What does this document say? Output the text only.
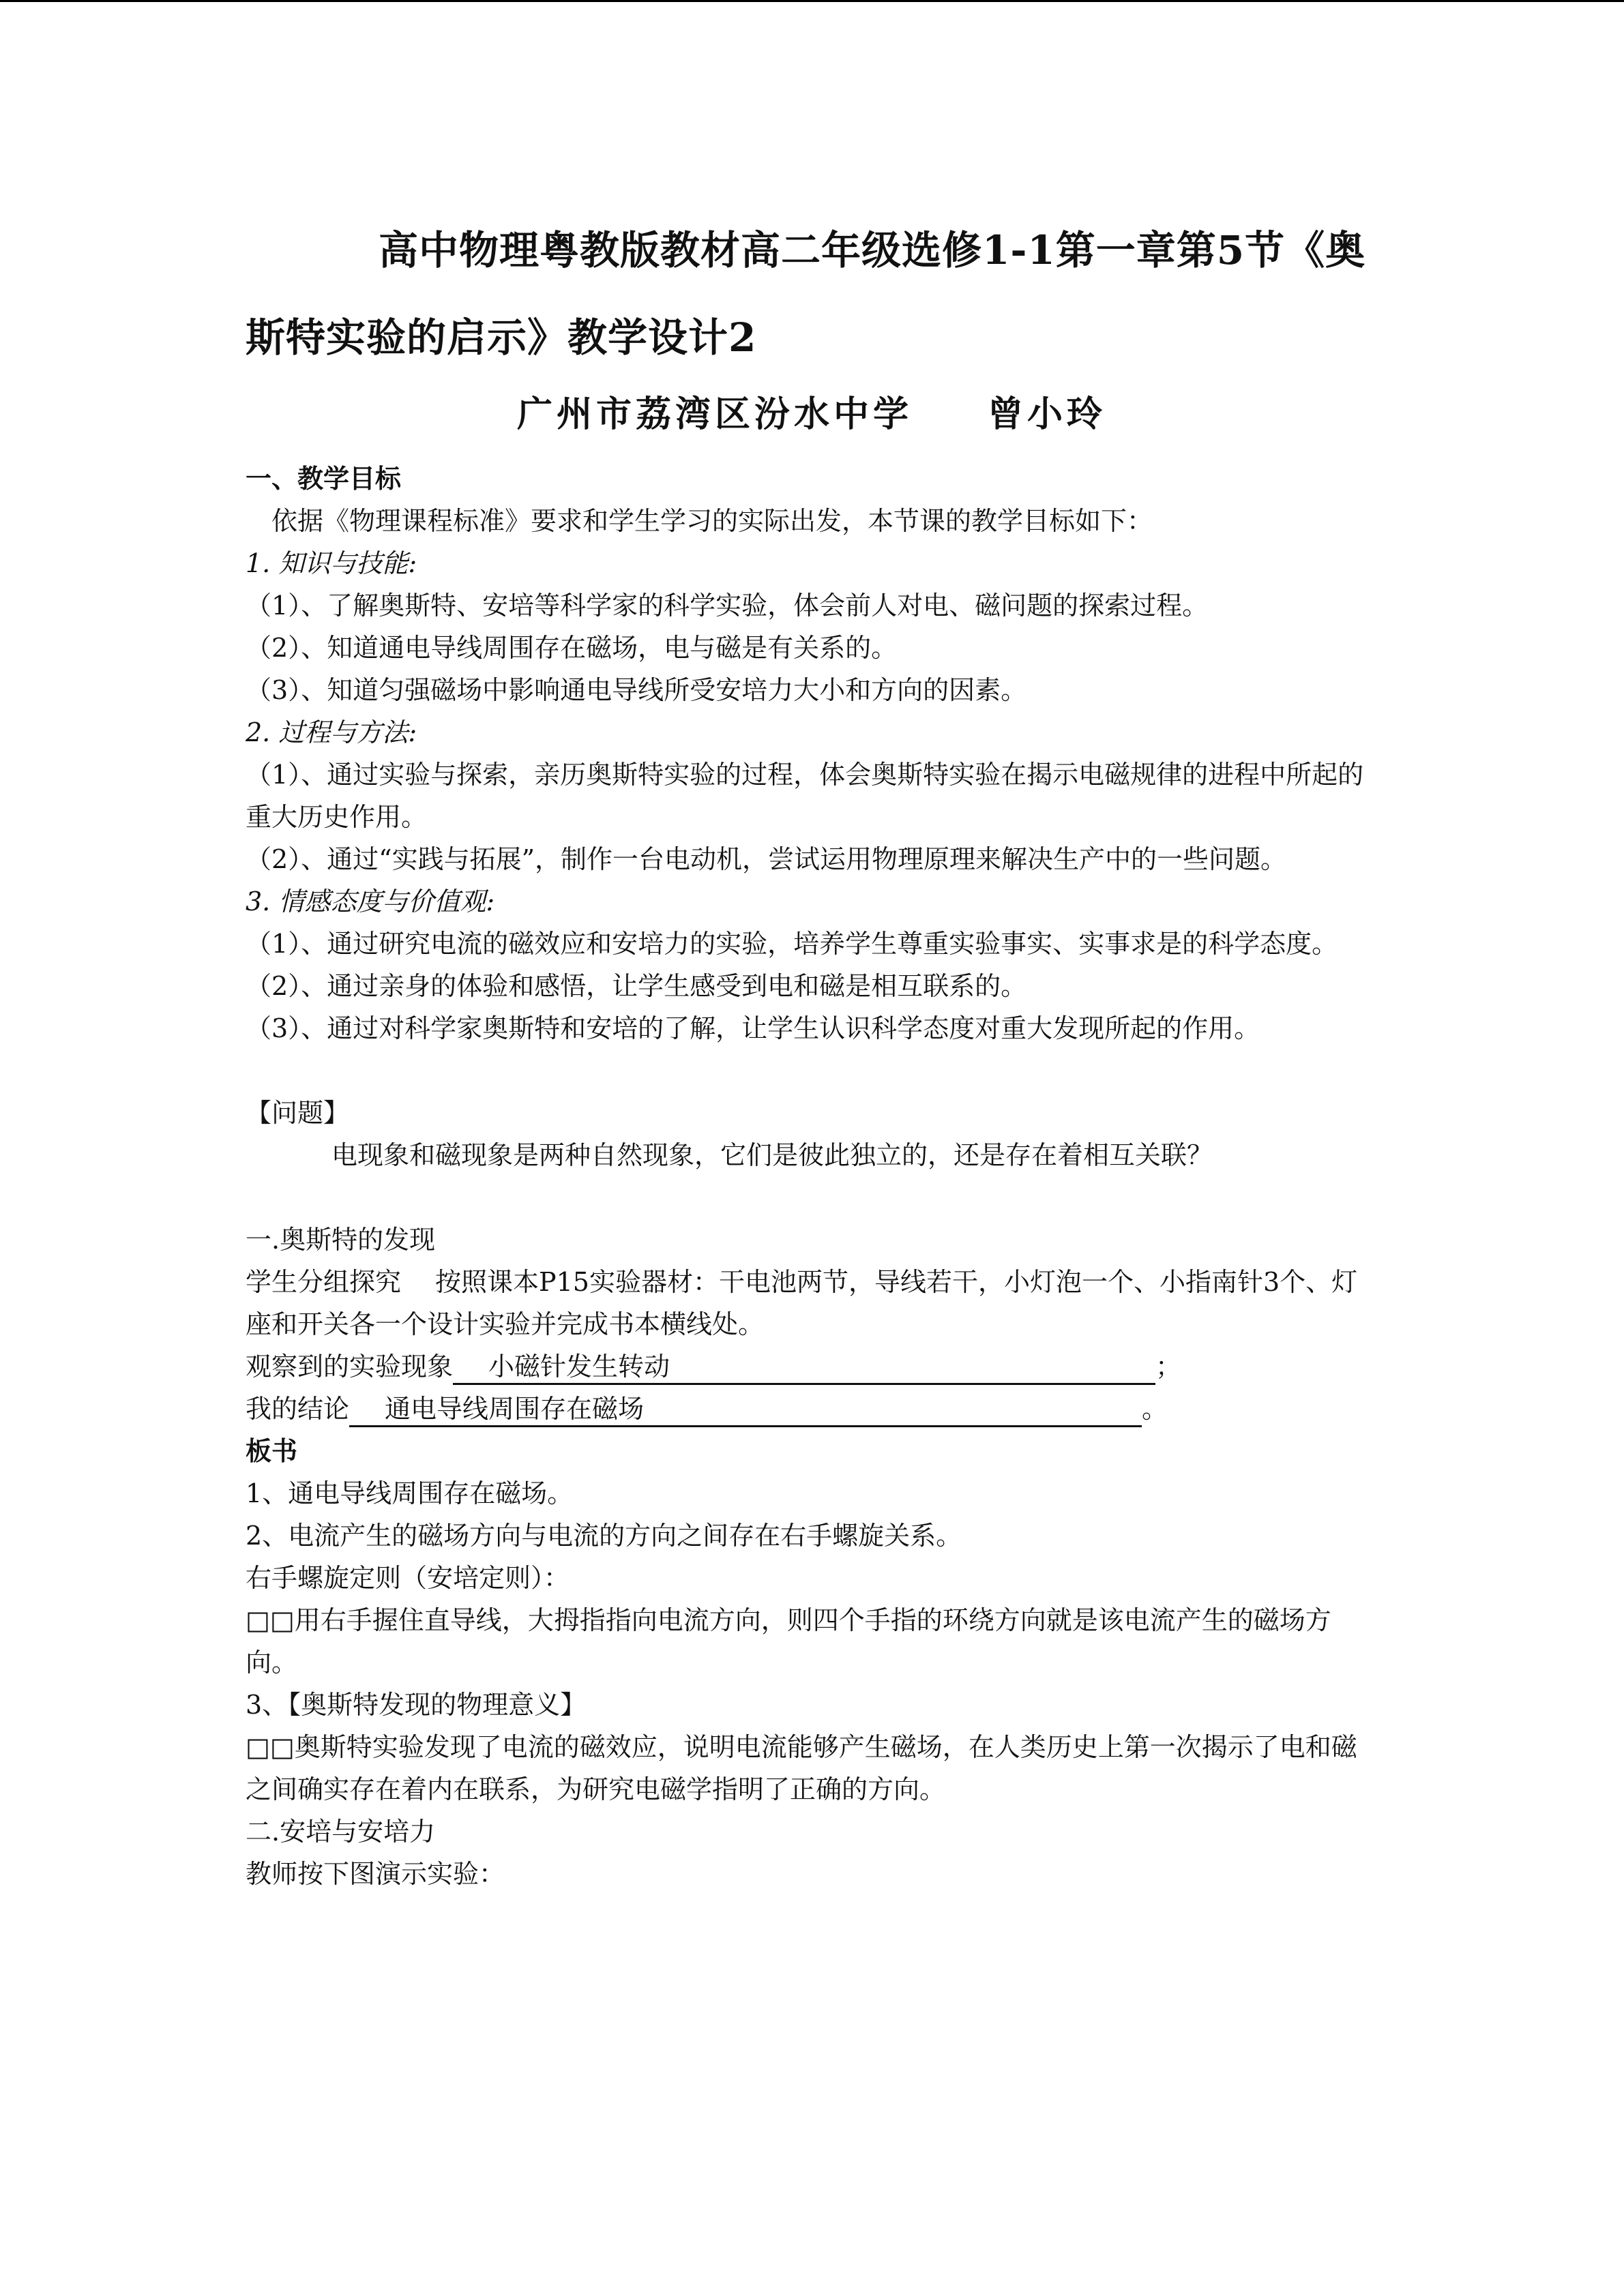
高中物理粤教版教材高二年级选修1-1第一章第5节《奥斯特实验的启示》教学设计2

广州市荔湾区汾水中学 曾小玲

一、教学目标

依据《物理课程标准》要求和学生学习的实际出发，本节课的教学目标如下：

1. 知识与技能:

（1）、了解奥斯特、安培等科学家的科学实验，体会前人对电、磁问题的探索过程。

（2）、知道通电导线周围存在磁场，电与磁是有关系的。

（3）、知道匀强磁场中影响通电导线所受安培力大小和方向的因素。

2. 过程与方法:

（1）、通过实验与探索，亲历奥斯特实验的过程，体会奥斯特实验在揭示电磁规律的进程中所起的重大历史作用。

（2）、通过“实践与拓展”，制作一台电动机，尝试运用物理原理来解决生产中的一些问题。

3. 情感态度与价值观:

（1）、通过研究电流的磁效应和安培力的实验，培养学生尊重实验事实、实事求是的科学态度。

（2）、通过亲身的体验和感悟，让学生感受到电和磁是相互联系的。

（3）、通过对科学家奥斯特和安培的了解，让学生认识科学态度对重大发现所起的作用。

【问题】

电现象和磁现象是两种自然现象，它们是彼此独立的，还是存在着相互关联？

一.奥斯特的发现

学生分组探究 按照课本P15实验器材：干电池两节，导线若干，小灯泡一个、小指南针3个、灯座和开关各一个设计实验并完成书本横线处。

观察到的实验现象 小磁针发生转动	；

我的结论 通电导线周围存在磁场	。

板书

1、通电导线周围存在磁场。

2、电流产生的磁场方向与电流的方向之间存在右手螺旋关系。

右手螺旋定则（安培定则）：

□□用右手握住直导线，大拇指指向电流方向，则四个手指的环绕方向就是该电流产生的磁场方向。

3、【奥斯特发现的物理意义】

□□奥斯特实验发现了电流的磁效应，说明电流能够产生磁场，在人类历史上第一次揭示了电和磁之间确实存在着内在联系，为研究电磁学指明了正确的方向。

二.安培与安培力

教师按下图演示实验：
